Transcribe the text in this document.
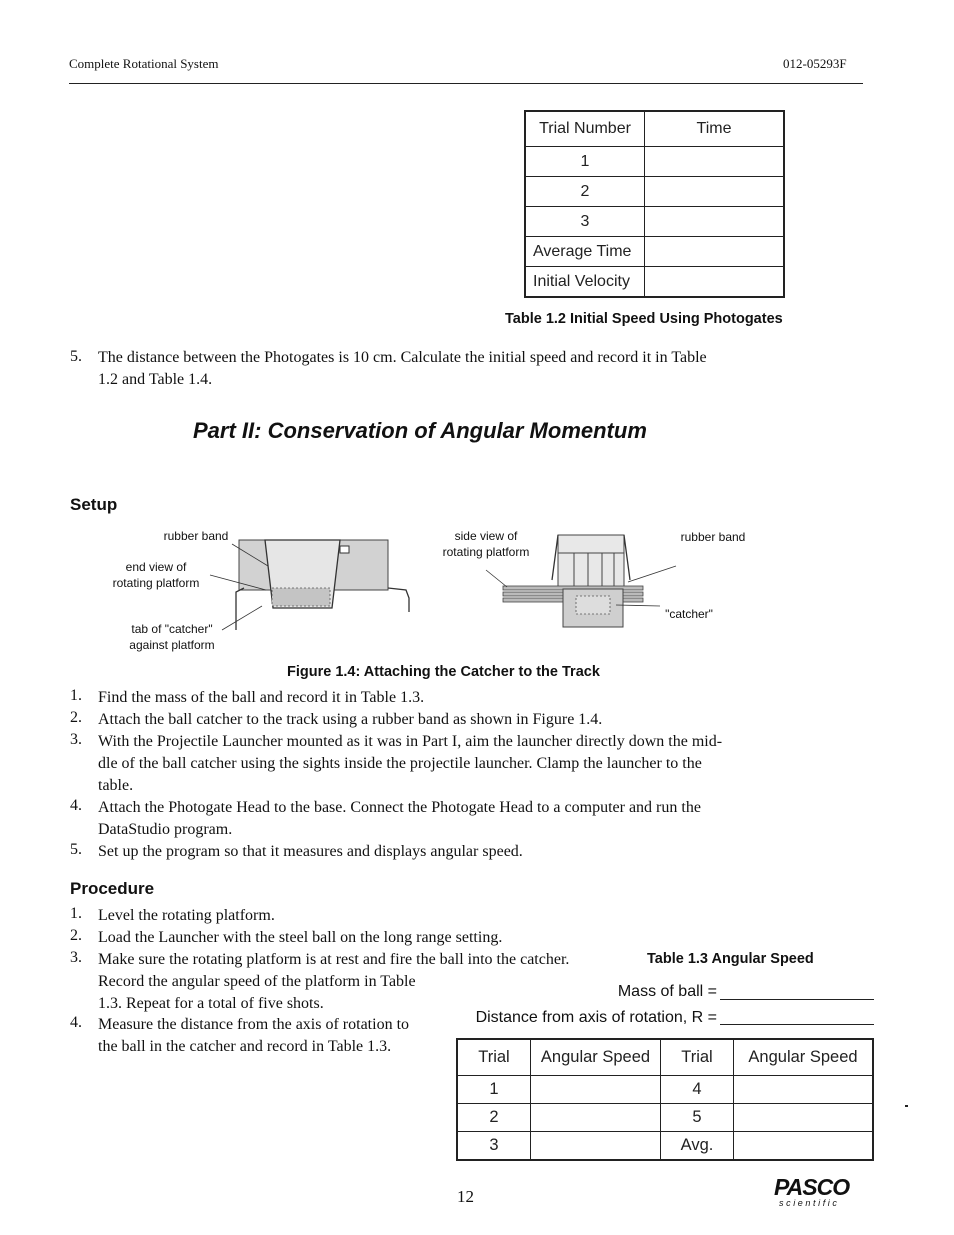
Complete Rotational System	012-05293F
Trial Number	Time
1	
2	
3	
Average Time	
Initial Velocity	
Table 1.2 Initial Speed Using Photogates
5. The distance between the Photogates is 10 cm. Calculate the initial speed and record it in Table
1.2 and Table 1.4.
Part II: Conservation of Angular Momentum
Setup
rubber band
end view of
rotating platform
tab of "catcher"
against platform
side view of
rotating platform
rubber band
"catcher"
Figure 1.4: Attaching the Catcher to the Track
1. Find the mass of the ball and record it in Table 1.3.
2. Attach the ball catcher to the track using a rubber band as shown in Figure 1.4.
3. With the Projectile Launcher mounted as it was in Part I, aim the launcher directly down the mid-
dle of the ball catcher using the sights inside the projectile launcher. Clamp the launcher to the
table.
4. Attach the Photogate Head to the base. Connect the Photogate Head to a computer and run the
DataStudio program.
5. Set up the program so that it measures and displays angular speed.
Procedure
1. Level the rotating platform.
2. Load the Launcher with the steel ball on the long range setting.
3. Make sure the rotating platform is at rest and fire the ball into the catcher.
Record the angular speed of the platform in Table
1.3. Repeat for a total of five shots.
4. Measure the distance from the axis of rotation to
the ball in the catcher and record in Table 1.3.
Table 1.3 Angular Speed
Mass of ball =
Distance from axis of rotation, R =
Trial	Angular Speed	Trial	Angular Speed
1		4	
2		5	
3		Avg.	
12	PASCO
scientific
